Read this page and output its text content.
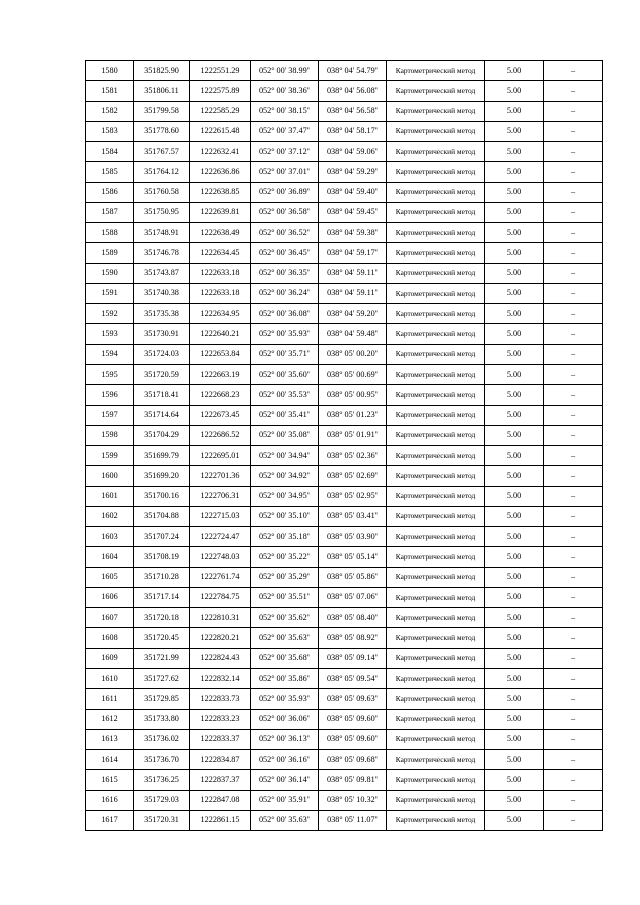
1580	351825.90	1222551.29	052° 00' 38.99"	038° 04' 54.79"	Картометрический метод	5.00	–
1581	351806.11	1222575.89	052° 00' 38.36"	038° 04' 56.08"	Картометрический метод	5.00	–
1582	351799.58	1222585.29	052° 00' 38.15"	038° 04' 56.58"	Картометрический метод	5.00	–
1583	351778.60	1222615.48	052° 00' 37.47"	038° 04' 58.17"	Картометрический метод	5.00	–
1584	351767.57	1222632.41	052° 00' 37.12"	038° 04' 59.06"	Картометрический метод	5.00	–
1585	351764.12	1222636.86	052° 00' 37.01"	038° 04' 59.29"	Картометрический метод	5.00	–
1586	351760.58	1222638.85	052° 00' 36.89"	038° 04' 59.40"	Картометрический метод	5.00	–
1587	351750.95	1222639.81	052° 00' 36.58"	038° 04' 59.45"	Картометрический метод	5.00	–
1588	351748.91	1222638.49	052° 00' 36.52"	038° 04' 59.38"	Картометрический метод	5.00	–
1589	351746.78	1222634.45	052° 00' 36.45"	038° 04' 59.17"	Картометрический метод	5.00	–
1590	351743.87	1222633.18	052° 00' 36.35"	038° 04' 59.11"	Картометрический метод	5.00	–
1591	351740.38	1222633.18	052° 00' 36.24"	038° 04' 59.11"	Картометрический метод	5.00	–
1592	351735.38	1222634.95	052° 00' 36.08"	038° 04' 59.20"	Картометрический метод	5.00	–
1593	351730.91	1222640.21	052° 00' 35.93"	038° 04' 59.48"	Картометрический метод	5.00	–
1594	351724.03	1222653.84	052° 00' 35.71"	038° 05' 00.20"	Картометрический метод	5.00	–
1595	351720.59	1222663.19	052° 00' 35.60"	038° 05' 00.69"	Картометрический метод	5.00	–
1596	351718.41	1222668.23	052° 00' 35.53"	038° 05' 00.95"	Картометрический метод	5.00	–
1597	351714.64	1222673.45	052° 00' 35.41"	038° 05' 01.23"	Картометрический метод	5.00	–
1598	351704.29	1222686.52	052° 00' 35.08"	038° 05' 01.91"	Картометрический метод	5.00	–
1599	351699.79	1222695.01	052° 00' 34.94"	038° 05' 02.36"	Картометрический метод	5.00	–
1600	351699.20	1222701.36	052° 00' 34.92"	038° 05' 02.69"	Картометрический метод	5.00	–
1601	351700.16	1222706.31	052° 00' 34.95"	038° 05' 02.95"	Картометрический метод	5.00	–
1602	351704.88	1222715.03	052° 00' 35.10"	038° 05' 03.41"	Картометрический метод	5.00	–
1603	351707.24	1222724.47	052° 00' 35.18"	038° 05' 03.90"	Картометрический метод	5.00	–
1604	351708.19	1222748.03	052° 00' 35.22"	038° 05' 05.14"	Картометрический метод	5.00	–
1605	351710.28	1222761.74	052° 00' 35.29"	038° 05' 05.86"	Картометрический метод	5.00	–
1606	351717.14	1222784.75	052° 00' 35.51"	038° 05' 07.06"	Картометрический метод	5.00	–
1607	351720.18	1222810.31	052° 00' 35.62"	038° 05' 08.40"	Картометрический метод	5.00	–
1608	351720.45	1222820.21	052° 00' 35.63"	038° 05' 08.92"	Картометрический метод	5.00	–
1609	351721.99	1222824.43	052° 00' 35.68"	038° 05' 09.14"	Картометрический метод	5.00	–
1610	351727.62	1222832.14	052° 00' 35.86"	038° 05' 09.54"	Картометрический метод	5.00	–
1611	351729.85	1222833.73	052° 00' 35.93"	038° 05' 09.63"	Картометрический метод	5.00	–
1612	351733.80	1222833.23	052° 00' 36.06"	038° 05' 09.60"	Картометрический метод	5.00	–
1613	351736.02	1222833.37	052° 00' 36.13"	038° 05' 09.60"	Картометрический метод	5.00	–
1614	351736.70	1222834.87	052° 00' 36.16"	038° 05' 09.68"	Картометрический метод	5.00	–
1615	351736.25	1222837.37	052° 00' 36.14"	038° 05' 09.81"	Картометрический метод	5.00	–
1616	351729.03	1222847.08	052° 00' 35.91"	038° 05' 10.32"	Картометрический метод	5.00	–
1617	351720.31	1222861.15	052° 00' 35.63"	038° 05' 11.07"	Картометрический метод	5.00	–
